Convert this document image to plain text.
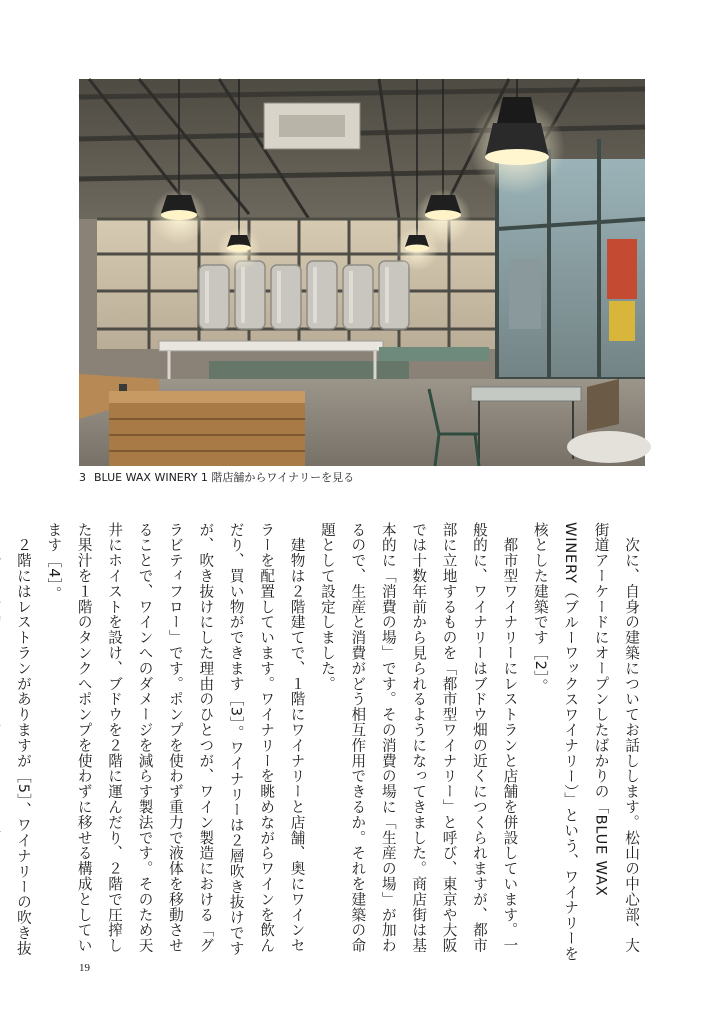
3 BLUE WAX WINERY 1 階店舗からワイナリーを見る

　次に、自身の建築についてお話しします。松山の中心部、大街道アーケードにオープンしたばかりの「BLUE WAX WINERY（ブルーワックスワイナリー）」という、ワイナリーを核とした建築です［2］。

　都市型ワイナリーにレストランと店舗を併設しています。一般的に、ワイナリーはブドウ畑の近くにつくられますが、都市部に立地するものを「都市型ワイナリー」と呼び、東京や大阪では十数年前から見られるようになってきました。商店街は基本的に「消費の場」です。その消費の場に「生産の場」が加わるので、生産と消費がどう相互作用できるか。それを建築の命題として設定しました。

　建物は２階建てで、１階にワイナリーと店舗、奥にワインセラーを配置しています。ワイナリーを眺めながらワインを飲んだり、買い物ができます［3］。ワイナリーは２層吹き抜けですが、吹き抜けにした理由のひとつが、ワイン製造における「グラビティフロー」です。ポンプを使わず重力で液体を移動させることで、ワインへのダメージを減らす製法です。そのため天井にホイストを設け、ブドウを２階に運んだり、２階で圧搾した果汁を１階のタンクへポンプを使わずに移せる構成としています［4］。

　２階にはレストランがありますが［5］、ワイナリーの吹き抜

19
